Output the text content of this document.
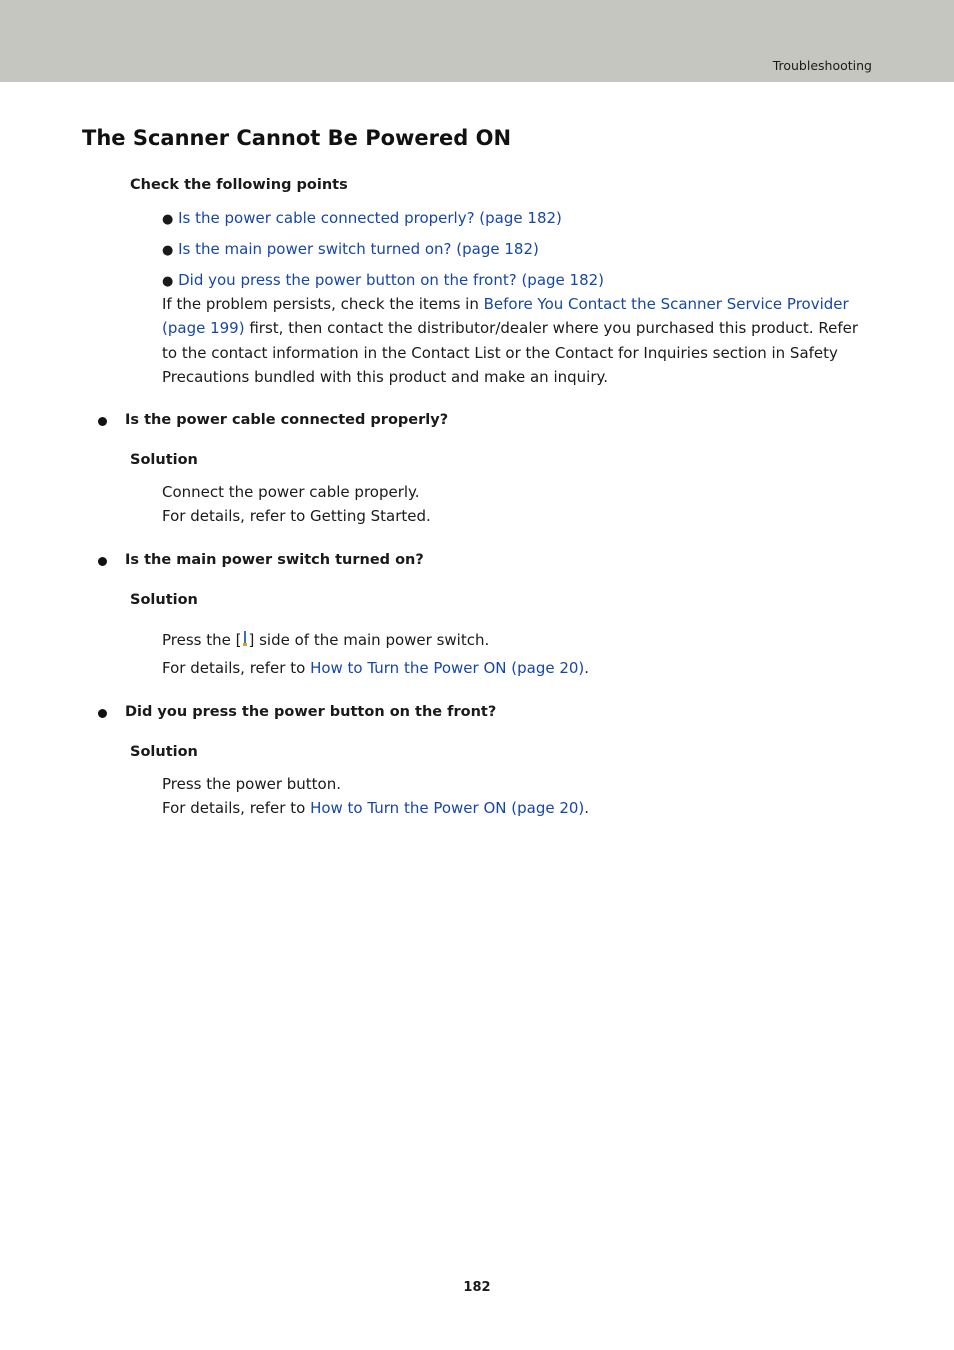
Troubleshooting
The Scanner Cannot Be Powered ON
Check the following points
● Is the power cable connected properly? (page 182)
● Is the main power switch turned on? (page 182)
● Did you press the power button on the front? (page 182)
If the problem persists, check the items in Before You Contact the Scanner Service Provider (page 199) first, then contact the distributor/dealer where you purchased this product. Refer to the contact information in the Contact List or the Contact for Inquiries section in Safety Precautions bundled with this product and make an inquiry.
Is the power cable connected properly?
Solution
Connect the power cable properly.
For details, refer to Getting Started.
Is the main power switch turned on?
Solution
Press the [ ] side of the main power switch.
For details, refer to How to Turn the Power ON (page 20).
Did you press the power button on the front?
Solution
Press the power button.
For details, refer to How to Turn the Power ON (page 20).
182
